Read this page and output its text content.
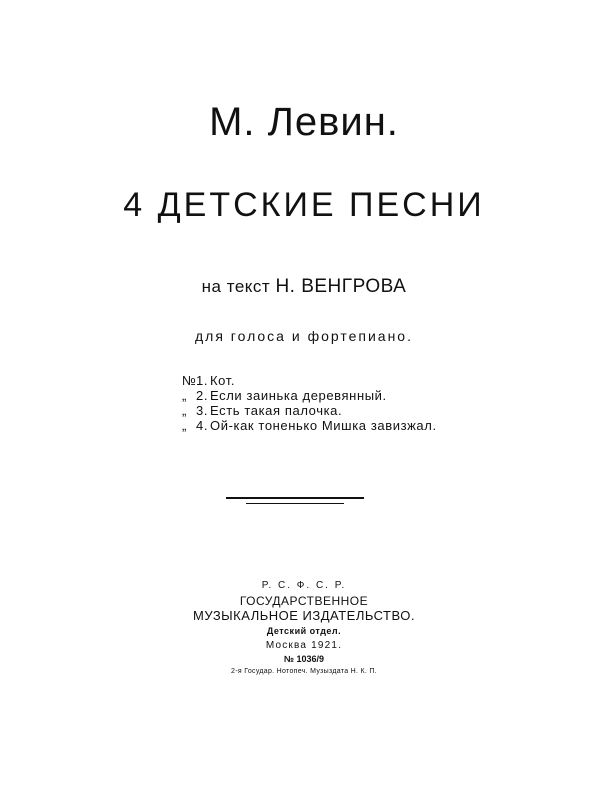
М. Левин.
4 ДЕТСКИЕ ПЕСНИ
на текст Н. ВЕНГРОВА
для голоса и фортепиано.
№ 1. Кот.
„ 2. Если заинька деревянный.
„ 3. Есть такая палочка.
„ 4. Ой-как тоненько Мишка завизжал.
Р. С. Ф. С. Р.
ГОСУДАРСТВЕННОЕ
МУЗЫКАЛЬНОЕ ИЗДАТЕЛЬСТВО.
Детский отдел.
Москва 1921.
№ 1036/9
2-я Государ. Нотопеч. Музыздата Н. К. П.
